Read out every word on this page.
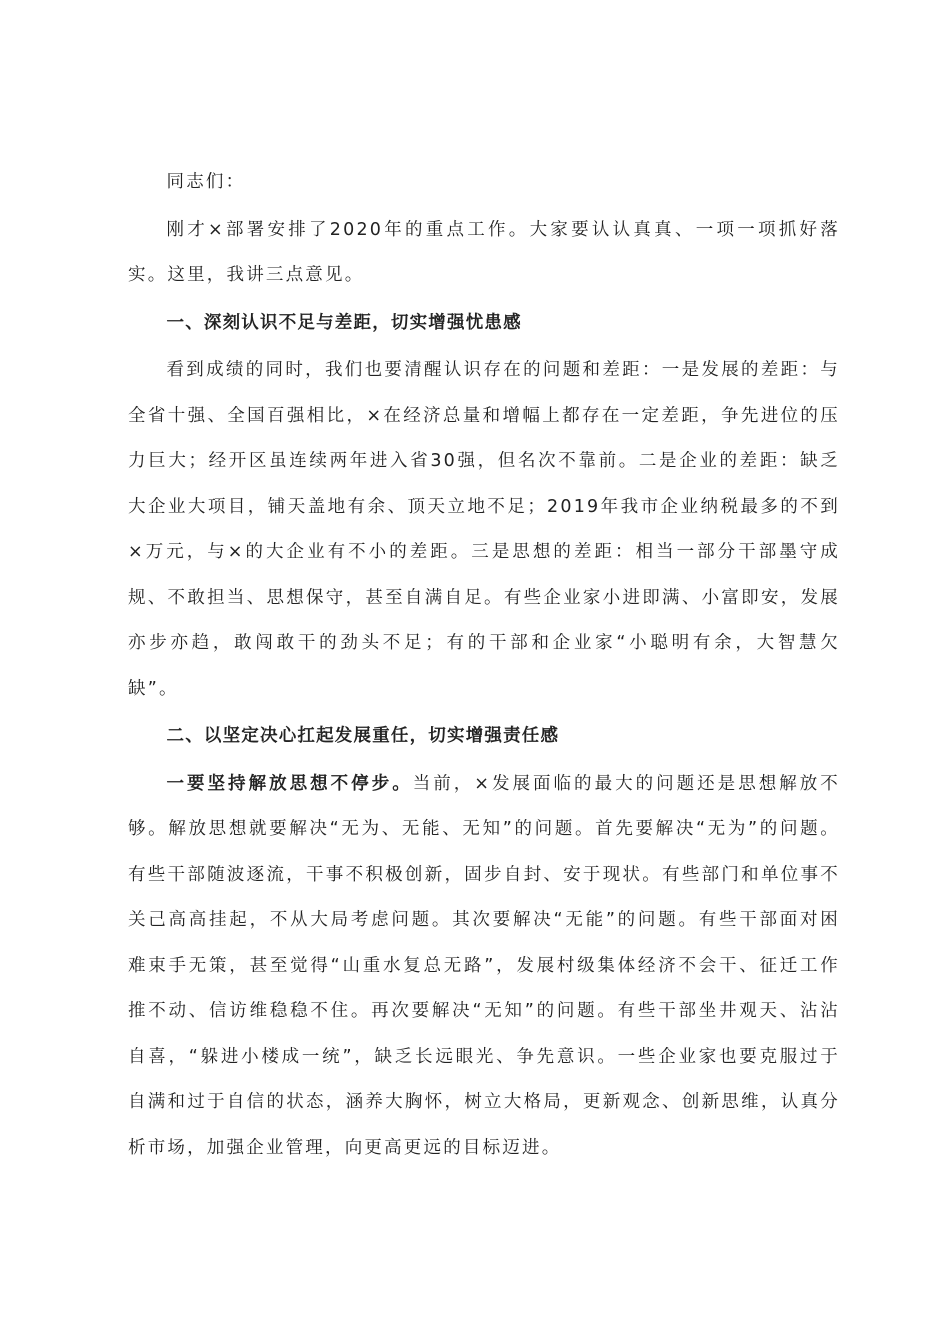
同志们：

刚才×部署安排了2020年的重点工作。大家要认认真真、一项一项抓好落实。这里，我讲三点意见。

一、深刻认识不足与差距，切实增强忧患感

看到成绩的同时，我们也要清醒认识存在的问题和差距：一是发展的差距：与全省十强、全国百强相比，×在经济总量和增幅上都存在一定差距，争先进位的压力巨大；经开区虽连续两年进入省30强，但名次不靠前。二是企业的差距：缺乏大企业大项目，铺天盖地有余、顶天立地不足；2019年我市企业纳税最多的不到×万元，与×的大企业有不小的差距。三是思想的差距：相当一部分干部墨守成规、不敢担当、思想保守，甚至自满自足。有些企业家小进即满、小富即安，发展亦步亦趋，敢闯敢干的劲头不足；有的干部和企业家“小聪明有余，大智慧欠缺”。

二、以坚定决心扛起发展重任，切实增强责任感

一要坚持解放思想不停步。当前，×发展面临的最大的问题还是思想解放不够。解放思想就要解决“无为、无能、无知”的问题。首先要解决“无为”的问题。有些干部随波逐流，干事不积极创新，固步自封、安于现状。有些部门和单位事不关己高高挂起，不从大局考虑问题。其次要解决“无能”的问题。有些干部面对困难束手无策，甚至觉得“山重水复总无路”，发展村级集体经济不会干、征迁工作推不动、信访维稳稳不住。再次要解决“无知”的问题。有些干部坐井观天、沾沾自喜，“躲进小楼成一统”，缺乏长远眼光、争先意识。一些企业家也要克服过于自满和过于自信的状态，涵养大胸怀，树立大格局，更新观念、创新思维，认真分析市场，加强企业管理，向更高更远的目标迈进。
